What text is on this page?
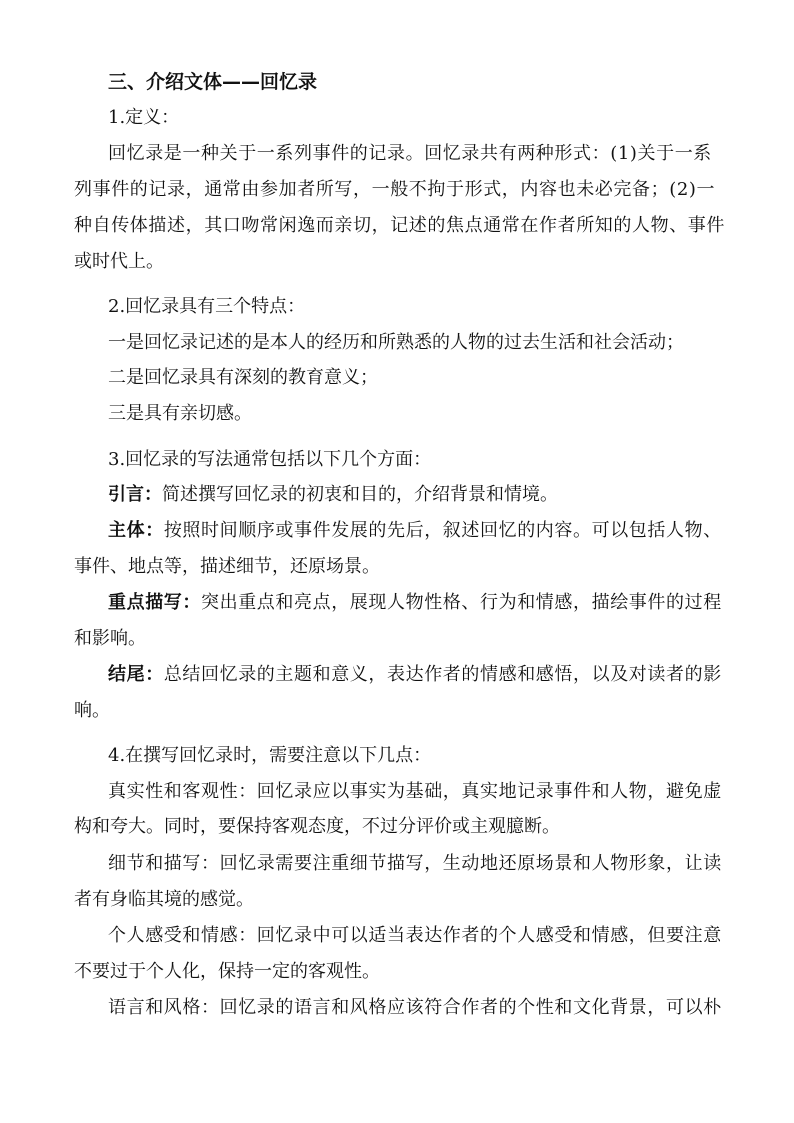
三、介绍文体——回忆录
1.定义：
回忆录是一种关于一系列事件的记录。回忆录共有两种形式：(1)关于一系
列事件的记录，通常由参加者所写，一般不拘于形式，内容也未必完备；(2)一
种自传体描述，其口吻常闲逸而亲切，记述的焦点通常在作者所知的人物、事件
或时代上。
2.回忆录具有三个特点：
一是回忆录记述的是本人的经历和所熟悉的人物的过去生活和社会活动；
二是回忆录具有深刻的教育意义；
三是具有亲切感。
3.回忆录的写法通常包括以下几个方面：
引言：简述撰写回忆录的初衷和目的，介绍背景和情境。
主体：按照时间顺序或事件发展的先后，叙述回忆的内容。可以包括人物、
事件、地点等，描述细节，还原场景。
重点描写：突出重点和亮点，展现人物性格、行为和情感，描绘事件的过程
和影响。
结尾：总结回忆录的主题和意义，表达作者的情感和感悟，以及对读者的影
响。
4.在撰写回忆录时，需要注意以下几点：
真实性和客观性：回忆录应以事实为基础，真实地记录事件和人物，避免虚
构和夸大。同时，要保持客观态度，不过分评价或主观臆断。
细节和描写：回忆录需要注重细节描写，生动地还原场景和人物形象，让读
者有身临其境的感觉。
个人感受和情感：回忆录中可以适当表达作者的个人感受和情感，但要注意
不要过于个人化，保持一定的客观性。
语言和风格：回忆录的语言和风格应该符合作者的个性和文化背景，可以朴
